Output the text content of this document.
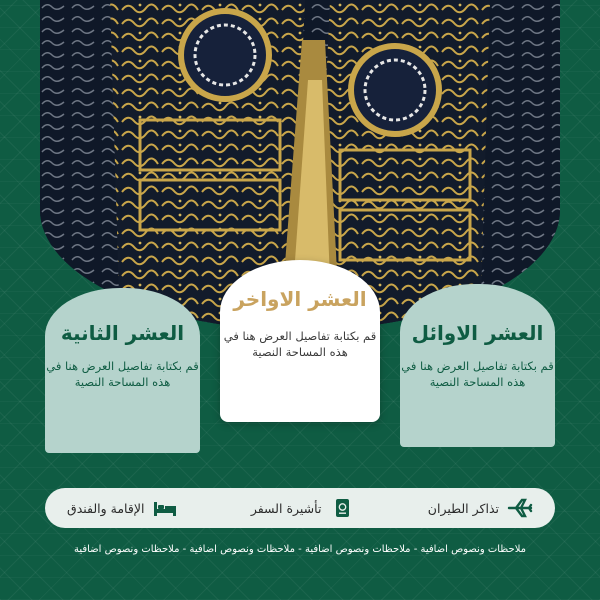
العشر الثانية
قم بكتابة تفاصيل العرض هنا في هذه المساحة النصية
العشر الاواخر
قم بكتابة تفاصيل العرض هنا في هذه المساحة النصية
العشر الاوائل
قم بكتابة تفاصيل العرض هنا في هذه المساحة النصية
تذاكر الطيران
تأشيرة السفر
الإقامة والفندق
ملاحظات ونصوص اضافية - ملاحظات ونصوص اضافية - ملاحظات ونصوص اضافية - ملاحظات ونصوص اضافية
